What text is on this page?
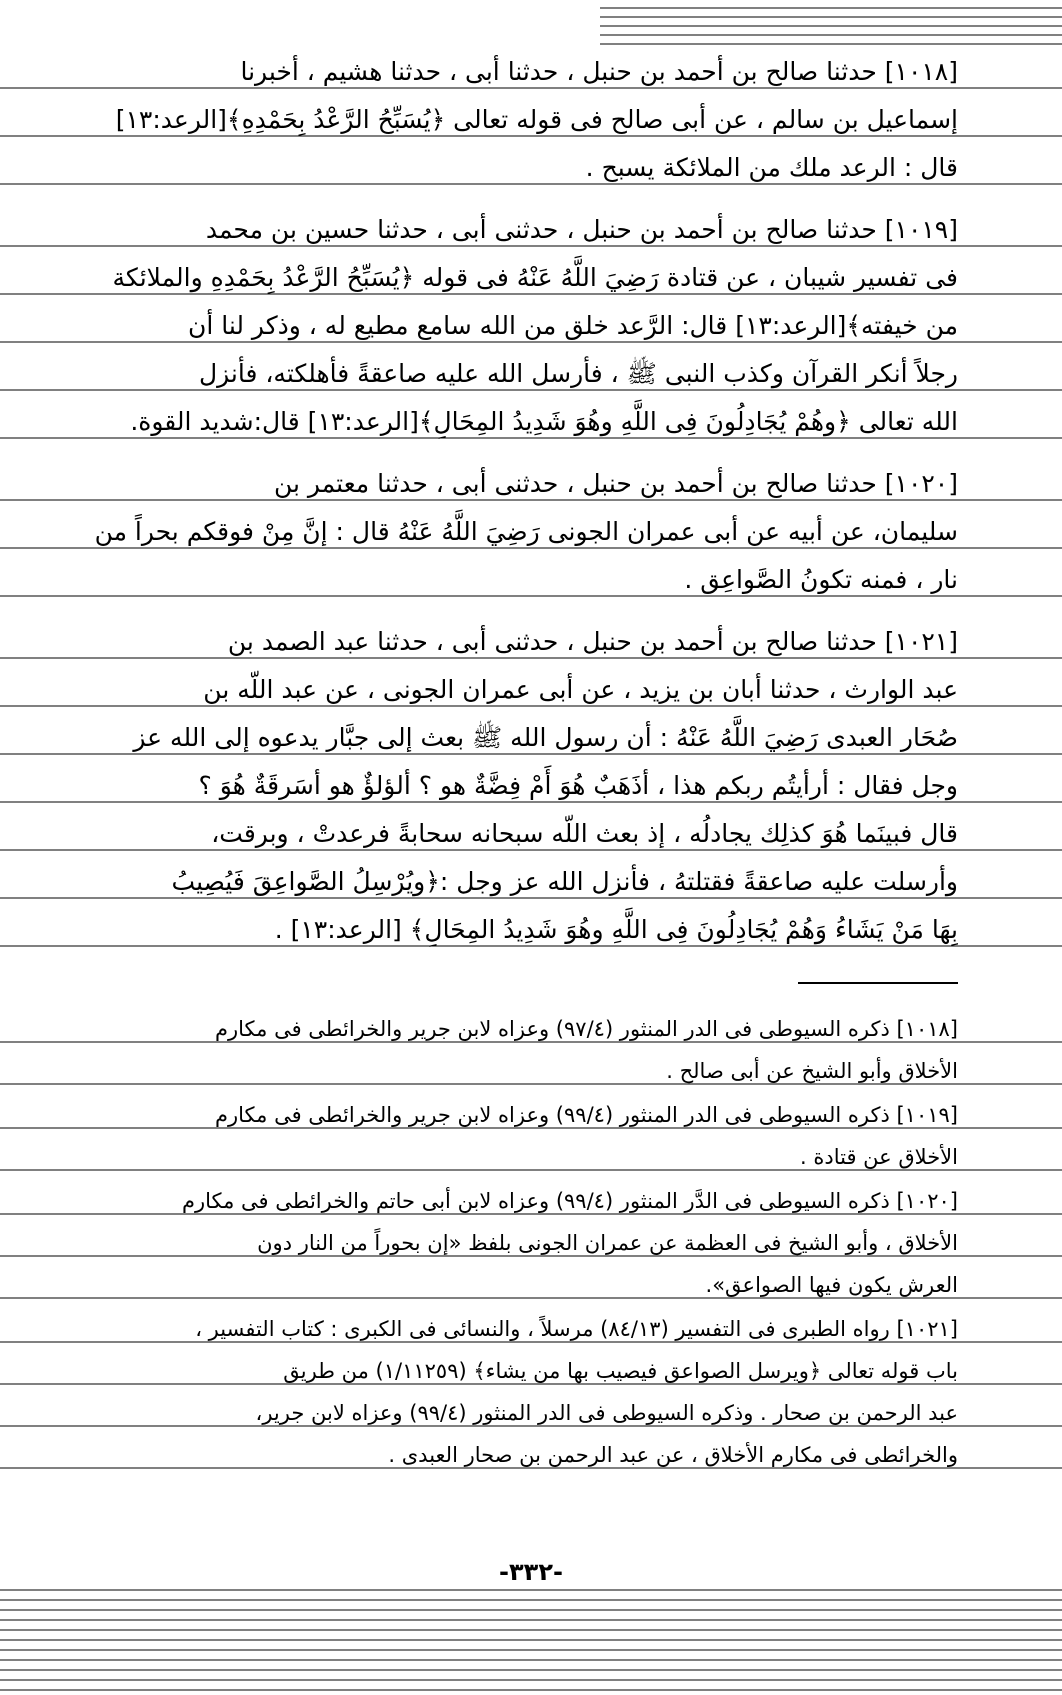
[١٠١٨] حدثنا صالح بن أحمد بن حنبل ، حدثنا أبى ، حدثنا هشيم ، أخبرنا
إسماعيل بن سالم ، عن أبى صالح فى قوله تعالى ﴿يُسَبِّحُ الرَّعْدُ بِحَمْدِهِ﴾[الرعد:١٣]
قال : الرعد ملك من الملائكة يسبح .
[١٠١٩] حدثنا صالح بن أحمد بن حنبل ، حدثنى أبى ، حدثنا حسين بن محمد
فى تفسير شيبان ، عن قتادة رَضِيَ اللَّهُ عَنْهُ فى قوله ﴿يُسَبِّحُ الرَّعْدُ بِحَمْدِهِ والملائكة
من خيفته﴾[الرعد:١٣] قال: الرَّعد خلق من الله سامع مطيع له ، وذكر لنا أن
رجلاً أنكر القرآن وكذب النبى ﷺ ، فأرسل الله عليه صاعقةً فأهلكته، فأنزل
الله تعالى ﴿وهُمْ يُجَادِلُونَ فِى اللَّهِ وهُوَ شَدِيدُ المِحَالِ﴾[الرعد:١٣] قال:شديد القوة.
[١٠٢٠] حدثنا صالح بن أحمد بن حنبل ، حدثنى أبى ، حدثنا معتمر بن
سليمان، عن أبيه عن أبى عمران الجونى رَضِيَ اللَّهُ عَنْهُ قال : إنَّ مِنْ فوقكم بحراً من
نار ، فمنه تكونُ الصَّواعِق .
[١٠٢١] حدثنا صالح بن أحمد بن حنبل ، حدثنى أبى ، حدثنا عبد الصمد بن
عبد الوارث ، حدثنا أبان بن يزيد ، عن أبى عمران الجونى ، عن عبد اللّه بن
صُحَار العبدى رَضِيَ اللَّهُ عَنْهُ : أن رسول الله ﷺ بعث إلى جبَّار يدعوه إلى الله عز
وجل فقال : أرأيتُم ربكم هذا ، أذَهَبٌ هُوَ أَمْ فِضَّةٌ هو ؟ ألؤلؤٌ هو أسَرقَةٌ هُوَ ؟
قال فبينَما هُوَ كذلِك يجادلُه ، إذ بعث اللّه سبحانه سحابةً فرعدتْ ، وبرقت،
وأرسلت عليه صاعقةً فقتلتهُ ، فأنزل الله عز وجل :﴿ويُرْسِلُ الصَّواعِقَ فَيُصِيبُ
بِهَا مَنْ يَشَاءُ وَهُمْ يُجَادِلُونَ فِى اللَّهِ وهُوَ شَدِيدُ المِحَالِ﴾ [الرعد:١٣] .
[١٠١٨] ذكره السيوطى فى الدر المنثور (٩٧/٤) وعزاه لابن جرير والخرائطى فى مكارم
الأخلاق وأبو الشيخ عن أبى صالح .
[١٠١٩] ذكره السيوطى فى الدر المنثور (٩٩/٤) وعزاه لابن جرير والخرائطى فى مكارم
الأخلاق عن قتادة .
[١٠٢٠] ذكره السيوطى فى الدَّر المنثور (٩٩/٤) وعزاه لابن أبى حاتم والخرائطى فى مكارم
الأخلاق ، وأبو الشيخ فى العظمة عن عمران الجونى بلفظ «إن بحوراً من النار دون
العرش يكون فيها الصواعق».
[١٠٢١] رواه الطبرى فى التفسير (٨٤/١٣) مرسلاً ، والنسائى فى الكبرى : كتاب التفسير ،
باب قوله تعالى ﴿ويرسل الصواعق فيصيب بها من يشاء﴾ (١/١١٢٥٩) من طريق
عبد الرحمن بن صحار . وذكره السيوطى فى الدر المنثور (٩٩/٤) وعزاه لابن جرير،
والخرائطى فى مكارم الأخلاق ، عن عبد الرحمن بن صحار العبدى .
-٣٣٢-
